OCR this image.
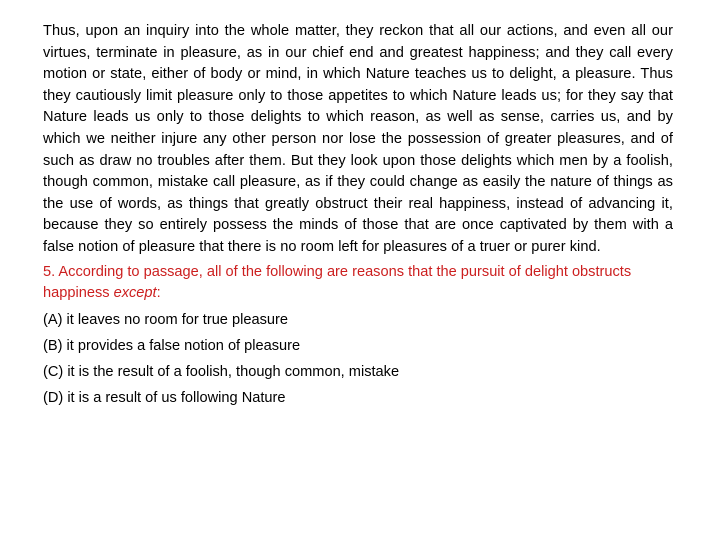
Thus, upon an inquiry into the whole matter, they reckon that all our actions, and even all our virtues, terminate in pleasure, as in our chief end and greatest happiness; and they call every motion or state, either of body or mind, in which Nature teaches us to delight, a pleasure. Thus they cautiously limit pleasure only to those appetites to which Nature leads us; for they say that Nature leads us only to those delights to which reason, as well as sense, carries us, and by which we neither injure any other person nor lose the possession of greater pleasures, and of such as draw no troubles after them. But they look upon those delights which men by a foolish, though common, mistake call pleasure, as if they could change as easily the nature of things as the use of words, as things that greatly obstruct their real happiness, instead of advancing it, because they so entirely possess the minds of those that are once captivated by them with a false notion of pleasure that there is no room left for pleasures of a truer or purer kind.

5. According to passage, all of the following are reasons that the pursuit of delight obstructs happiness except:

(A) it leaves no room for true pleasure
(B) it provides a false notion of pleasure
(C) it is the result of a foolish, though common, mistake
(D) it is a result of us following Nature
